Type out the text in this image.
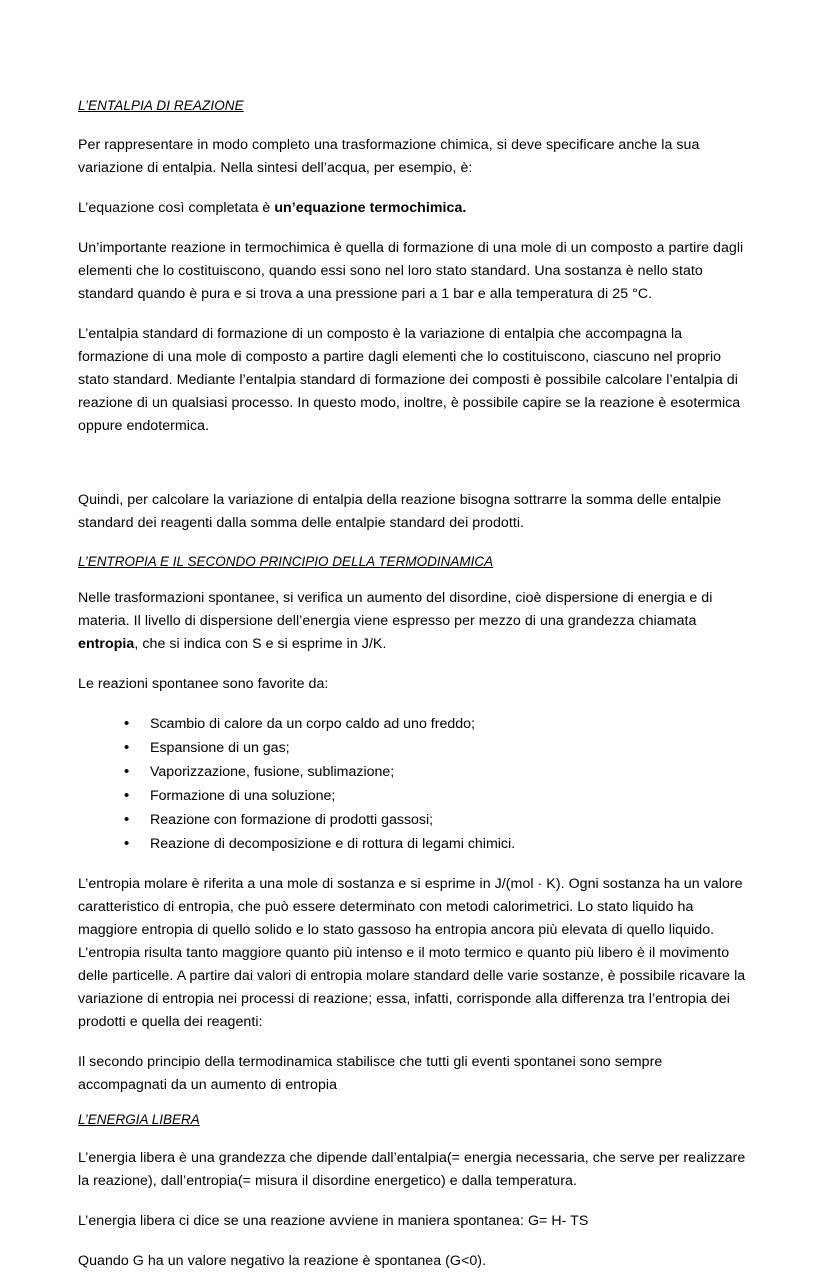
L’ENTALPIA DI REAZIONE

Per rappresentare in modo completo una trasformazione chimica, si deve specificare anche la sua variazione di entalpia. Nella sintesi dell’acqua, per esempio, è:

L’equazione così completata è un’equazione termochimica.

Un’importante reazione in termochimica è quella di formazione di una mole di un composto a partire dagli elementi che lo costituiscono, quando essi sono nel loro stato standard. Una sostanza è nello stato standard quando è pura e si trova a una pressione pari a 1 bar e alla temperatura di 25 °C.

L’entalpia standard di formazione di un composto è la variazione di entalpia che accompagna la formazione di una mole di composto a partire dagli elementi che lo costituiscono, ciascuno nel proprio stato standard. Mediante l’entalpia standard di formazione dei composti è possibile calcolare l’entalpia di reazione di un qualsiasi processo. In questo modo, inoltre, è possibile capire se la reazione è esotermica oppure endotermica.

Quindi, per calcolare la variazione di entalpia della reazione bisogna sottrarre la somma delle entalpie standard dei reagenti dalla somma delle entalpie standard dei prodotti.

L’ENTROPIA E IL SECONDO PRINCIPIO DELLA TERMODINAMICA

Nelle trasformazioni spontanee, si verifica un aumento del disordine, cioè dispersione di energia e di materia. Il livello di dispersione dell’energia viene espresso per mezzo di una grandezza chiamata entropia, che si indica con S e si esprime in J/K.

Le reazioni spontanee sono favorite da:

• Scambio di calore da un corpo caldo ad uno freddo;
• Espansione di un gas;
• Vaporizzazione, fusione, sublimazione;
• Formazione di una soluzione;
• Reazione con formazione di prodotti gassosi;
• Reazione di decomposizione e di rottura di legami chimici.

L’entropia molare è riferita a una mole di sostanza e si esprime in J/(mol · K). Ogni sostanza ha un valore caratteristico di entropia, che può essere determinato con metodi calorimetrici. Lo stato liquido ha maggiore entropia di quello solido e lo stato gassoso ha entropia ancora più elevata di quello liquido. L’entropia risulta tanto maggiore quanto più intenso e il moto termico e quanto più libero è il movimento delle particelle. A partire dai valori di entropia molare standard delle varie sostanze, è possibile ricavare la variazione di entropia nei processi di reazione; essa, infatti, corrisponde alla differenza tra l’entropia dei prodotti e quella dei reagenti:

Il secondo principio della termodinamica stabilisce che tutti gli eventi spontanei sono sempre accompagnati da un aumento di entropia

L’ENERGIA LIBERA

L’energia libera è una grandezza che dipende dall’entalpia(= energia necessaria, che serve per realizzare la reazione), dall’entropia(= misura il disordine energetico) e dalla temperatura.

L’energia libera ci dice se una reazione avviene in maniera spontanea: G= H- TS

Quando G ha un valore negativo la reazione è spontanea (G<0).
